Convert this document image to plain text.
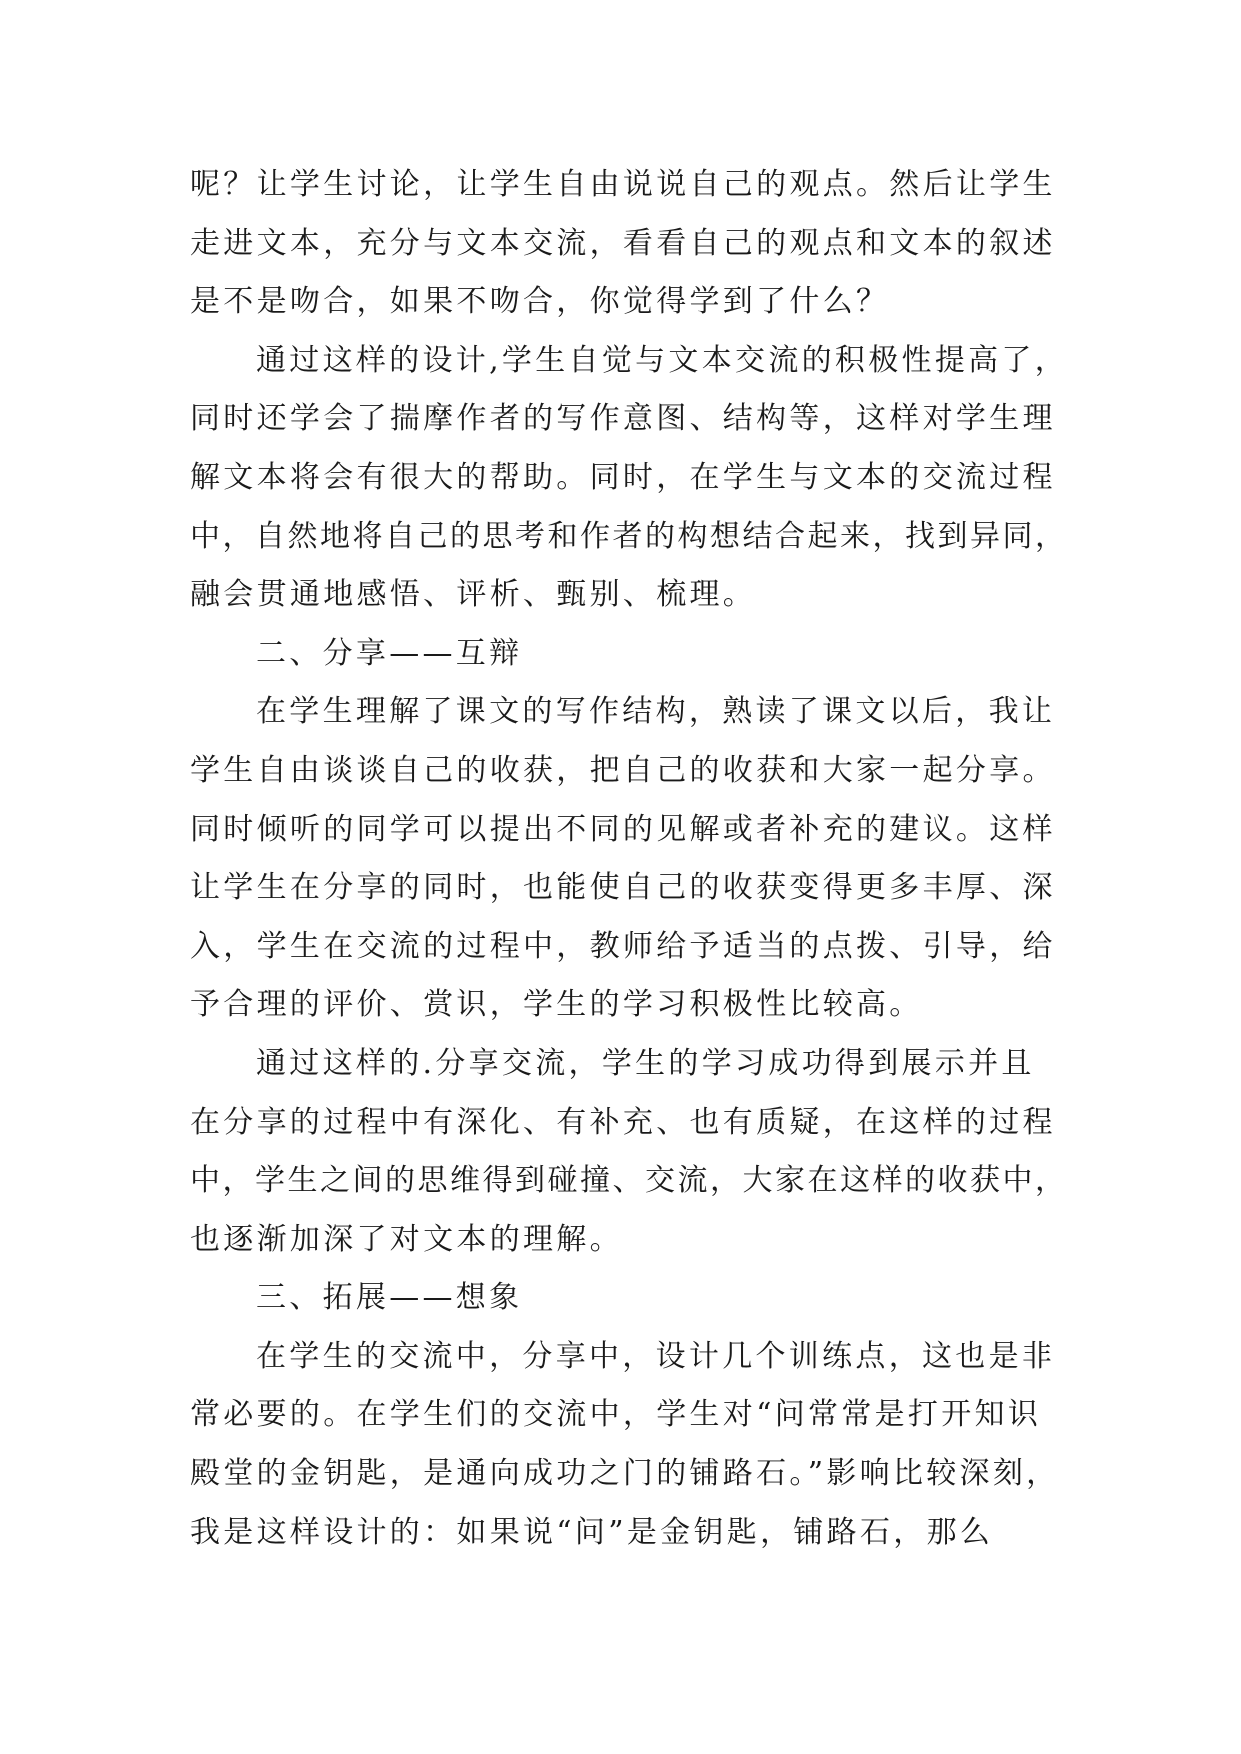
呢？让学生讨论，让学生自由说说自己的观点。然后让学生
走进文本，充分与文本交流，看看自己的观点和文本的叙述
是不是吻合，如果不吻合，你觉得学到了什么？
通过这样的设计,学生自觉与文本交流的积极性提高了，
同时还学会了揣摩作者的写作意图、结构等，这样对学生理
解文本将会有很大的帮助。同时，在学生与文本的交流过程
中，自然地将自己的思考和作者的构想结合起来，找到异同，
融会贯通地感悟、评析、甄别、梳理。
二、分享——互辩
在学生理解了课文的写作结构，熟读了课文以后，我让
学生自由谈谈自己的收获，把自己的收获和大家一起分享。
同时倾听的同学可以提出不同的见解或者补充的建议。这样
让学生在分享的同时，也能使自己的收获变得更多丰厚、深
入，学生在交流的过程中，教师给予适当的点拨、引导，给
予合理的评价、赏识，学生的学习积极性比较高。
通过这样的.分享交流，学生的学习成功得到展示并且
在分享的过程中有深化、有补充、也有质疑，在这样的过程
中，学生之间的思维得到碰撞、交流，大家在这样的收获中，
也逐渐加深了对文本的理解。
三、拓展——想象
在学生的交流中，分享中，设计几个训练点，这也是非
常必要的。在学生们的交流中，学生对“问常常是打开知识
殿堂的金钥匙，是通向成功之门的铺路石。”影响比较深刻，
我是这样设计的：如果说“问”是金钥匙，铺路石，那么
